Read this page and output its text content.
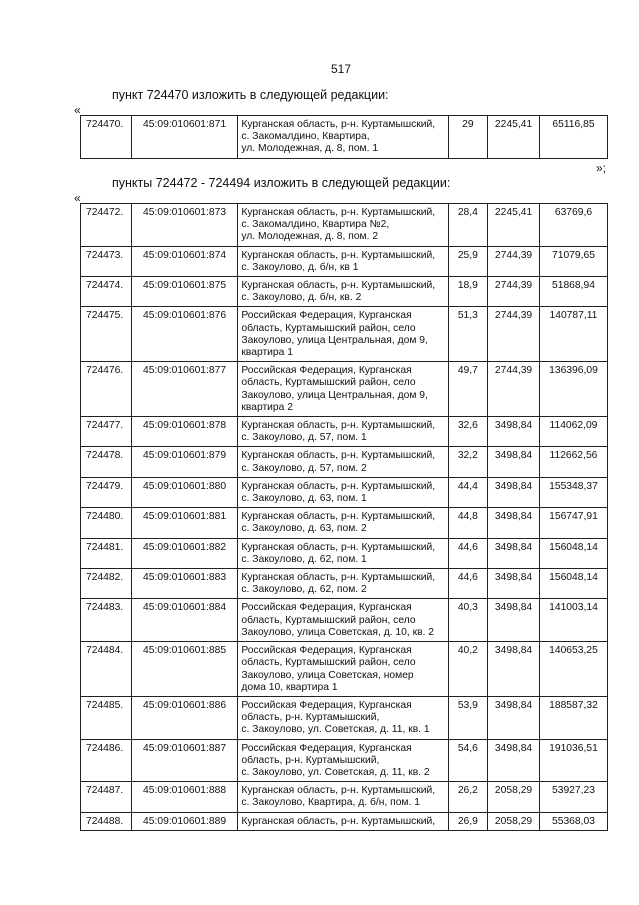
517
пункт 724470 изложить в следующей редакции:
«
724470.	45:09:010601:871	Курганская область, р-н. Куртамышский,
с. Закомалдино, Квартира,
ул. Молодежная, д. 8, пом. 1
	29	2245,41	65116,85
»;
пункты 724472 - 724494 изложить в следующей редакции:
«
724472.	45:09:010601:873	Курганская область, р-н. Куртамышский,
с. Закомалдино, Квартира №2,
ул. Молодежная, д. 8, пом. 2	28,4	2245,41	63769,6
724473.	45:09:010601:874	Курганская область, р-н. Куртамышский,
с. Закоулово, д. б/н, кв 1	25,9	2744,39	71079,65
724474.	45:09:010601:875	Курганская область, р-н. Куртамышский,
с. Закоулово, д. б/н, кв. 2	18,9	2744,39	51868,94
724475.	45:09:010601:876	Российская Федерация, Курганская
область, Куртамышский район, село
Закоулово, улица Центральная, дом 9,
квартира 1	51,3	2744,39	140787,11
724476.	45:09:010601:877	Российская Федерация, Курганская
область, Куртамышский район, село
Закоулово, улица Центральная, дом 9,
квартира 2	49,7	2744,39	136396,09
724477.	45:09:010601:878	Курганская область, р-н. Куртамышский,
с. Закоулово, д. 57, пом. 1	32,6	3498,84	114062,09
724478.	45:09:010601:879	Курганская область, р-н. Куртамышский,
с. Закоулово, д. 57, пом. 2	32,2	3498,84	112662,56
724479.	45:09:010601:880	Курганская область, р-н. Куртамышский,
с. Закоулово, д. 63, пом. 1	44,4	3498,84	155348,37
724480.	45:09:010601:881	Курганская область, р-н. Куртамышский,
с. Закоулово, д. 63, пом. 2	44,8	3498,84	156747,91
724481.	45:09:010601:882	Курганская область, р-н. Куртамышский,
с. Закоулово, д. 62, пом. 1	44,6	3498,84	156048,14
724482.	45:09:010601:883	Курганская область, р-н. Куртамышский,
с. Закоулово, д. 62, пом. 2	44,6	3498,84	156048,14
724483.	45:09:010601:884	Российская Федерация, Курганская
область, Куртамышский район, село
Закоулово, улица Советская, д. 10, кв. 2	40,3	3498,84	141003,14
724484.	45:09:010601:885	Российская Федерация, Курганская
область, Куртамышский район, село
Закоулово, улица Советская, номер
дома 10, квартира 1	40,2	3498,84	140653,25
724485.	45:09:010601:886	Российская Федерация, Курганская
область, р-н. Куртамышский,
с. Закоулово, ул. Советская, д. 11, кв. 1	53,9	3498,84	188587,32
724486.	45:09:010601:887	Российская Федерация, Курганская
область, р-н. Куртамышский,
с. Закоулово, ул. Советская, д. 11, кв. 2	54,6	3498,84	191036,51
724487.	45:09:010601:888	Курганская область, р-н. Куртамышский,
с. Закоулово, Квартира, д. б/н, пом. 1	26,2	2058,29	53927,23
724488.	45:09:010601:889	Курганская область, р-н. Куртамышский,	26,9	2058,29	55368,03
